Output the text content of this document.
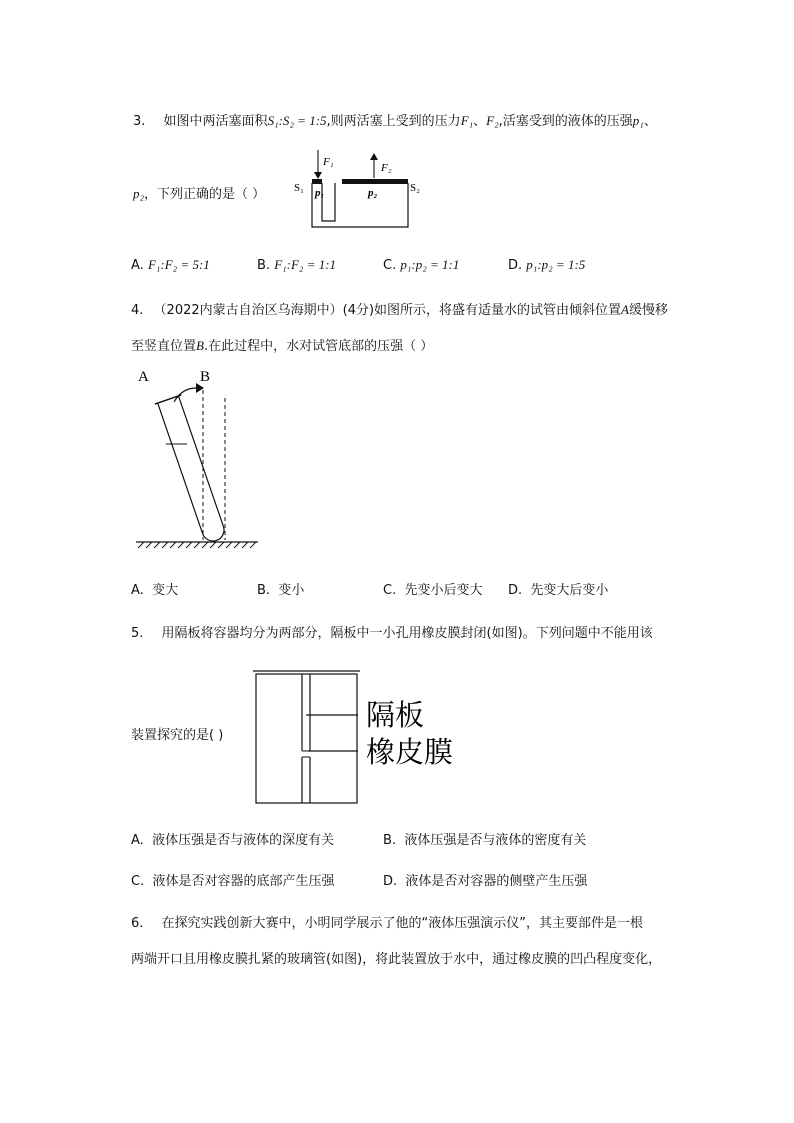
3. 如图中两活塞面积S₁:S₂ = 1:5,则两活塞上受到的压力F₁、F₂,活塞受到的液体的压强p₁、
p₂，下列正确的是（ ）
F₁	F₂
S₁	S₂
p₁	p₂
A. F₁:F₂ = 5:1	B. F₁:F₂ = 1:1	C. p₁:p₂ = 1:1	D. p₁:p₂ = 1:5
4. （2022内蒙古自治区乌海期中）(4分)如图所示，将盛有适量水的试管由倾斜位置A缓慢移
至竖直位置B.在此过程中，水对试管底部的压强（ ）
A	B
A. 变大	B. 变小	C. 先变小后变大 D. 先变大后变小
5. 用隔板将容器均分为两部分，隔板中一小孔用橡皮膜封闭(如图)。下列问题中不能用该
装置探究的是( )
隔板
橡皮膜
A. 液体压强是否与液体的深度有关	B. 液体压强是否与液体的密度有关
C. 液体是否对容器的底部产生压强	D. 液体是否对容器的侧壁产生压强
6. 在探究实践创新大赛中，小明同学展示了他的“液体压强演示仪”，其主要部件是一根
两端开口且用橡皮膜扎紧的玻璃管(如图)，将此装置放于水中，通过橡皮膜的凹凸程度变化，
